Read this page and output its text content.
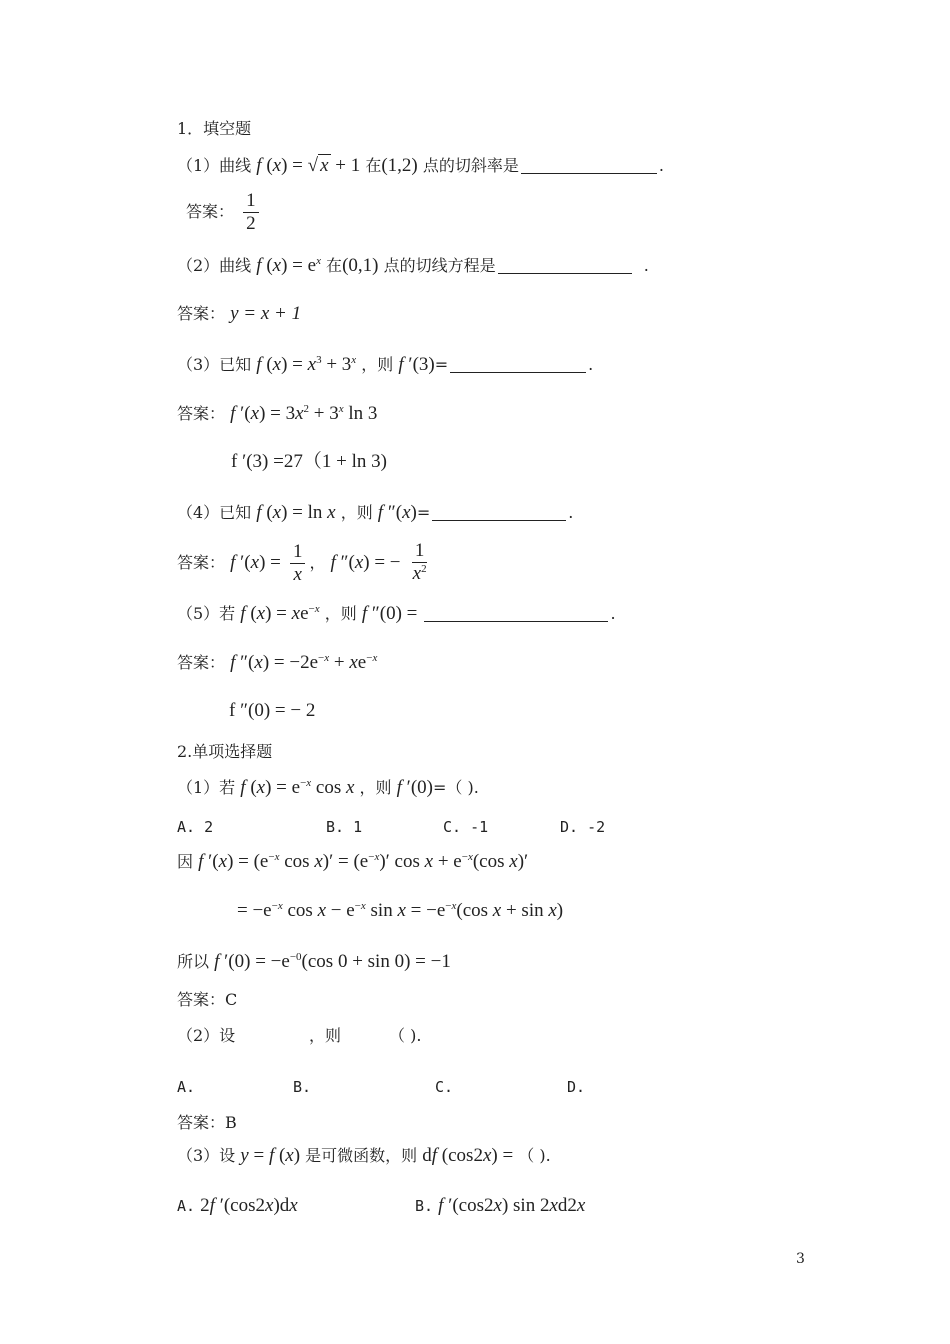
1．填空题
（1）曲线 f (x) = √ x + 1 在(1,2) 点的切斜率是	.
答案： $\frac{1}{2}$
（2）曲线 f $(x) = e^x$ 在(0,1) 点的切线方程是	.
答案： y = x + 1
（3）已知 f $(x) = x^3 + 3^x$ ，则 f ′(3)=	.
答案： f $'(x) = 3x^2 + 3^x$ ln 3
f ′(3) =27（1 + ln 3)
（4）已知 f (x) = ln x ，则 f ″(x)=	.
答案： f $'(x) = \frac{1}{x}$ ， f ″(x) = − $\frac{1}{x^2}$
（5）若 f $(x) = xe^{-x}$ ，则 f ″(0) =	.
答案： f $''(x) = -2e^{-x} + xe^{-x}$
f ″(0) = − 2
2.单项选择题
（1）若 f $(x) = e^{-x}$ cos x ，则 f ′(0)=（ ).
A. 2	B. 1	C. -1	D. -2
因 f $'(x) = (e^{-x}$ $\cos x)' = (e^{-x})'$ $\cos x + e^{-x}(\cos$ x)′
= $-e^{-x}$ $\cos x - e^{-x}$ $\sin x = -e^{-x}(\cos$ x + sin x)
所以 f $'(0) = -e^{-0}(\cos$ 0 + sin 0) = −1
答案：C
（2）设	，则	（ ).
A.	B.	C.	D.
答案：B
（3）设 y = f (x) 是可微函数，则 df (cos2x) = （ ).
A. 2f ′(cos2x)dx	B. f ′(cos2x) sin 2xd2x
3
